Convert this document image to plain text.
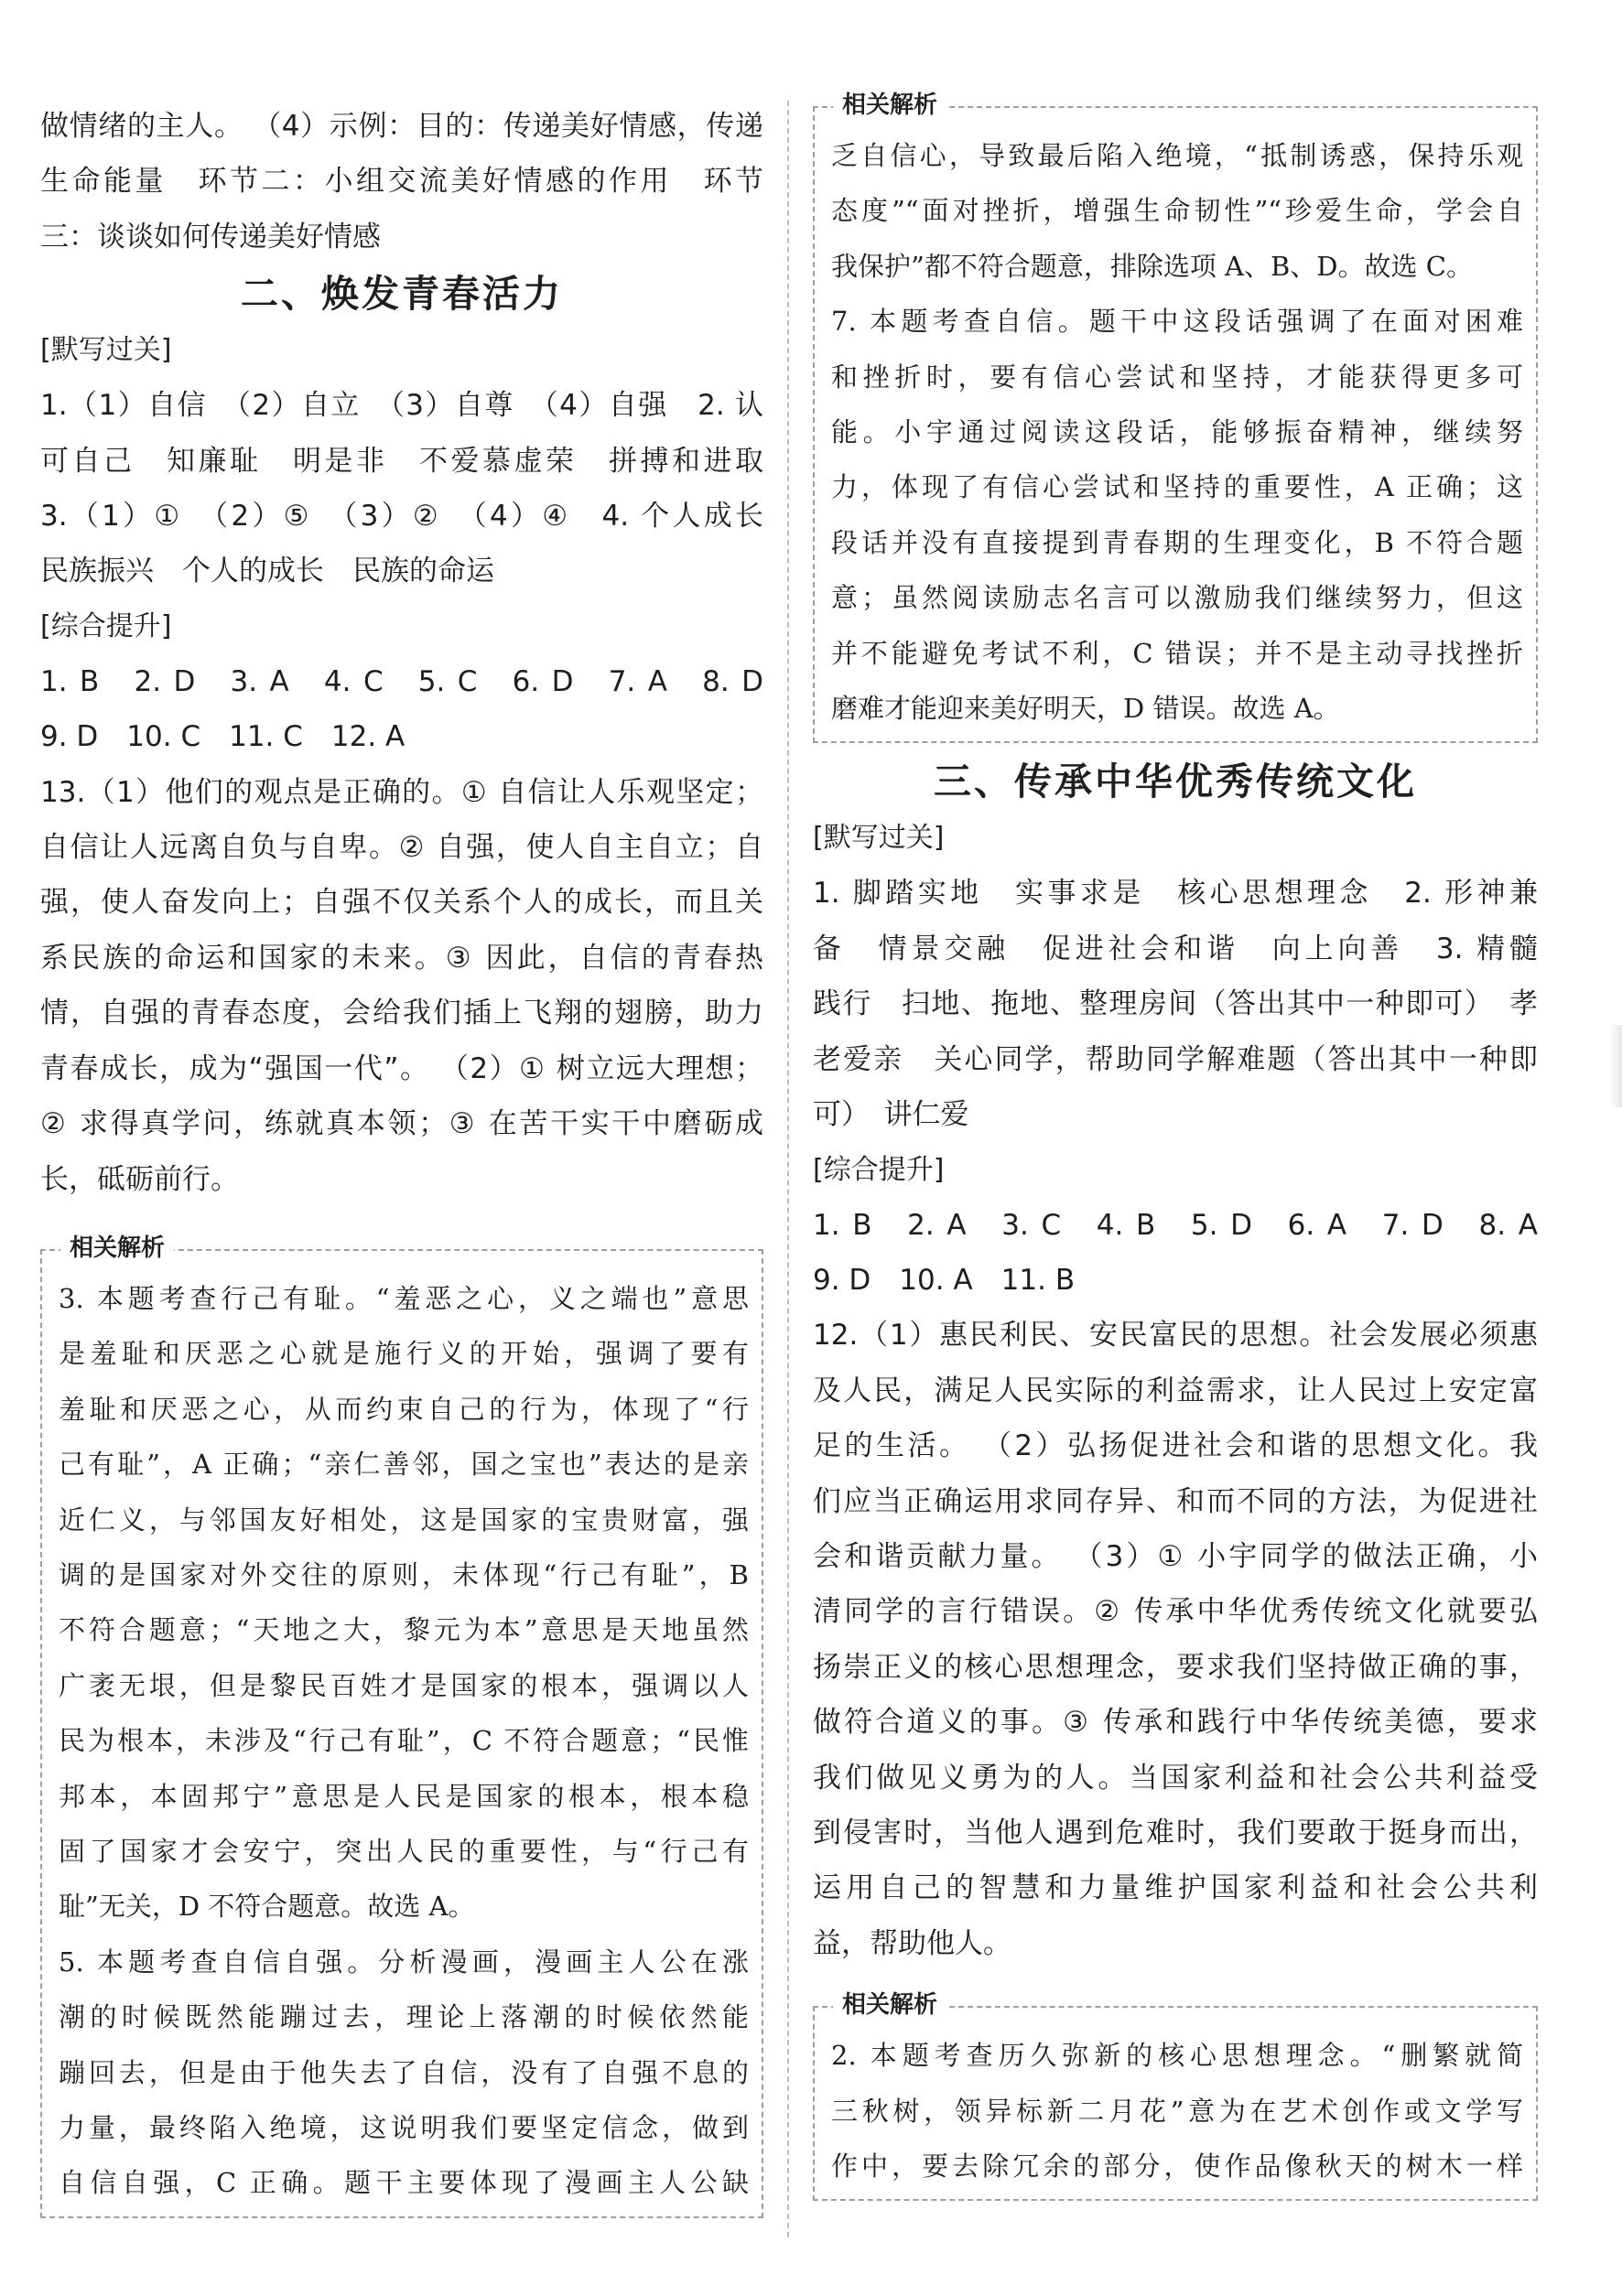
做情绪的主人。 （4）示例：目的：传递美好情感，传递

生命能量　环节二：小组交流美好情感的作用　环节

三：谈谈如何传递美好情感

二、焕发青春活力

[默写过关]

1.（1）自信　（2）自立　（3）自尊　（4）自强　2. 认

可自己　知廉耻　明是非　不爱慕虚荣　拼搏和进取

3.（1）①　（2）⑤　（3）②　（4）④　4. 个人成长

民族振兴　个人的成长　民族的命运

[综合提升]

1. B　2. D　3. A　4. C　5. C　6. D　7. A　8. D

9. D　10. C　11. C　12. A

13.（1）他们的观点是正确的。① 自信让人乐观坚定；

自信让人远离自负与自卑。② 自强，使人自主自立；自

强，使人奋发向上；自强不仅关系个人的成长，而且关

系民族的命运和国家的未来。③ 因此，自信的青春热

情，自强的青春态度，会给我们插上飞翔的翅膀，助力

青春成长，成为“强国一代”。 （2）① 树立远大理想；

② 求得真学问，练就真本领；③ 在苦干实干中磨砺成

长，砥砺前行。

相关解析

3. 本题考查行己有耻。“羞恶之心，义之端也”意思

是羞耻和厌恶之心就是施行义的开始，强调了要有

羞耻和厌恶之心，从而约束自己的行为，体现了“行

己有耻”，A 正确；“亲仁善邻，国之宝也”表达的是亲

近仁义，与邻国友好相处，这是国家的宝贵财富，强

调的是国家对外交往的原则，未体现“行己有耻”，B

不符合题意；“天地之大，黎元为本”意思是天地虽然

广袤无垠，但是黎民百姓才是国家的根本，强调以人

民为根本，未涉及“行己有耻”，C 不符合题意；“民惟

邦本，本固邦宁”意思是人民是国家的根本，根本稳

固了国家才会安宁，突出人民的重要性，与“行己有

耻”无关，D 不符合题意。故选 A。

5. 本题考查自信自强。分析漫画，漫画主人公在涨

潮的时候既然能蹦过去，理论上落潮的时候依然能

蹦回去，但是由于他失去了自信，没有了自强不息的

力量，最终陷入绝境，这说明我们要坚定信念，做到

自信自强，C 正确。题干主要体现了漫画主人公缺

相关解析

乏自信心，导致最后陷入绝境，“抵制诱惑，保持乐观

态度”“面对挫折，增强生命韧性”“珍爱生命，学会自

我保护”都不符合题意，排除选项 A、B、D。故选 C。

7. 本题考查自信。题干中这段话强调了在面对困难

和挫折时，要有信心尝试和坚持，才能获得更多可

能。小宇通过阅读这段话，能够振奋精神，继续努

力，体现了有信心尝试和坚持的重要性，A 正确；这

段话并没有直接提到青春期的生理变化，B 不符合题

意；虽然阅读励志名言可以激励我们继续努力，但这

并不能避免考试不利，C 错误；并不是主动寻找挫折

磨难才能迎来美好明天，D 错误。故选 A。

三、传承中华优秀传统文化

[默写过关]

1. 脚踏实地　实事求是　核心思想理念　2. 形神兼

备　情景交融　促进社会和谐　向上向善　3. 精髓

践行　扫地、拖地、整理房间（答出其中一种即可）　孝

老爱亲　关心同学，帮助同学解难题（答出其中一种即

可）　讲仁爱

[综合提升]

1. B　2. A　3. C　4. B　5. D　6. A　7. D　8. A

9. D　10. A　11. B

12.（1）惠民利民、安民富民的思想。社会发展必须惠

及人民，满足人民实际的利益需求，让人民过上安定富

足的生活。 （2）弘扬促进社会和谐的思想文化。我

们应当正确运用求同存异、和而不同的方法，为促进社

会和谐贡献力量。 （3）① 小宇同学的做法正确，小

清同学的言行错误。② 传承中华优秀传统文化就要弘

扬崇正义的核心思想理念，要求我们坚持做正确的事，

做符合道义的事。③ 传承和践行中华传统美德，要求

我们做见义勇为的人。当国家利益和社会公共利益受

到侵害时，当他人遇到危难时，我们要敢于挺身而出，

运用自己的智慧和力量维护国家利益和社会公共利

益，帮助他人。

相关解析

2. 本题考查历久弥新的核心思想理念。“删繁就简

三秋树，领异标新二月花”意为在艺术创作或文学写

作中，要去除冗余的部分，使作品像秋天的树木一样
